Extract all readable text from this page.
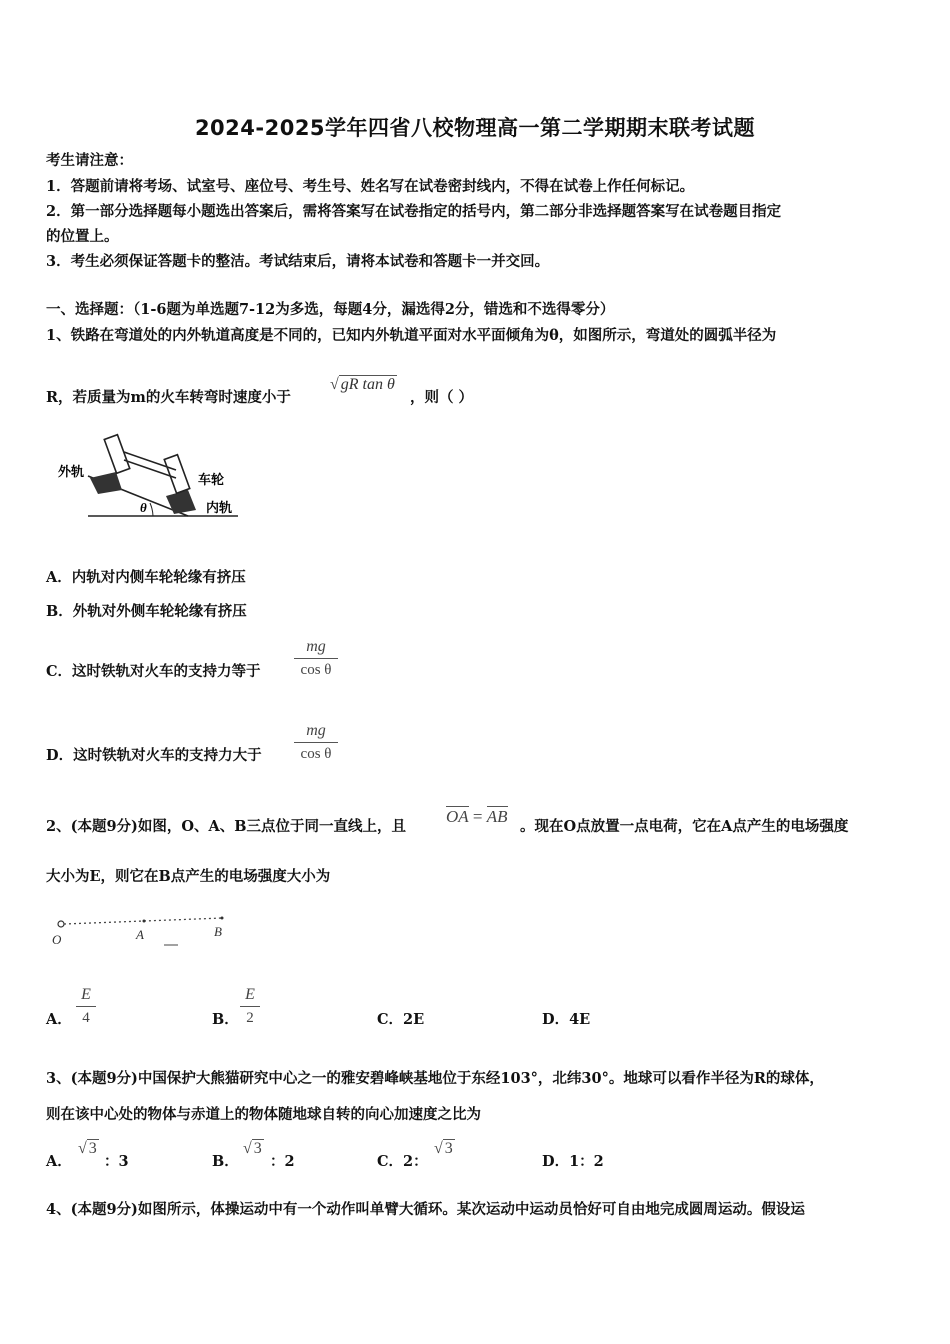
2024-2025学年四省八校物理高一第二学期期末联考试题
考生请注意：
1．答题前请将考场、试室号、座位号、考生号、姓名写在试卷密封线内，不得在试卷上作任何标记。
2．第一部分选择题每小题选出答案后，需将答案写在试卷指定的括号内，第二部分非选择题答案写在试卷题目指定
的位置上。
3．考生必须保证答题卡的整洁。考试结束后，请将本试卷和答题卡一并交回。
一、选择题：（1-6题为单选题7-12为多选，每题4分，漏选得2分，错选和不选得零分）
1、铁路在弯道处的内外轨道高度是不同的，已知内外轨道平面对水平面倾角为θ，如图所示，弯道处的圆弧半径为
R，若质量为m的火车转弯时速度小于
√ gR tan θ
，则（ ）
外轨
车轮
内轨
θ
A．内轨对内侧车轮轮缘有挤压
B．外轨对外侧车轮轮缘有挤压
C．这时铁轨对火车的支持力等于
mg
cos θ
D．这时铁轨对火车的支持力大于
mg
cos θ
2、(本题9分)如图，O、A、B三点位于同一直线上，且
OA = AB
。现在O点放置一点电荷，它在A点产生的电场强度
大小为E，则它在B点产生的电场强度大小为
O	A	B
A．
E
4	B．
E
2	C．2E	D．4E
3、(本题9分)中国保护大熊猫研究中心之一的雅安碧峰峡基地位于东经103°，北纬30°。地球可以看作半径为R的球体，
则在该中心处的物体与赤道上的物体随地球自转的向心加速度之比为
A．
√ 3
：3	B．
√ 3
：2	C．2：
√ 3
D．1：2
4、(本题9分)如图所示，体操运动中有一个动作叫单臂大循环。某次运动中运动员恰好可自由地完成圆周运动。假设运
